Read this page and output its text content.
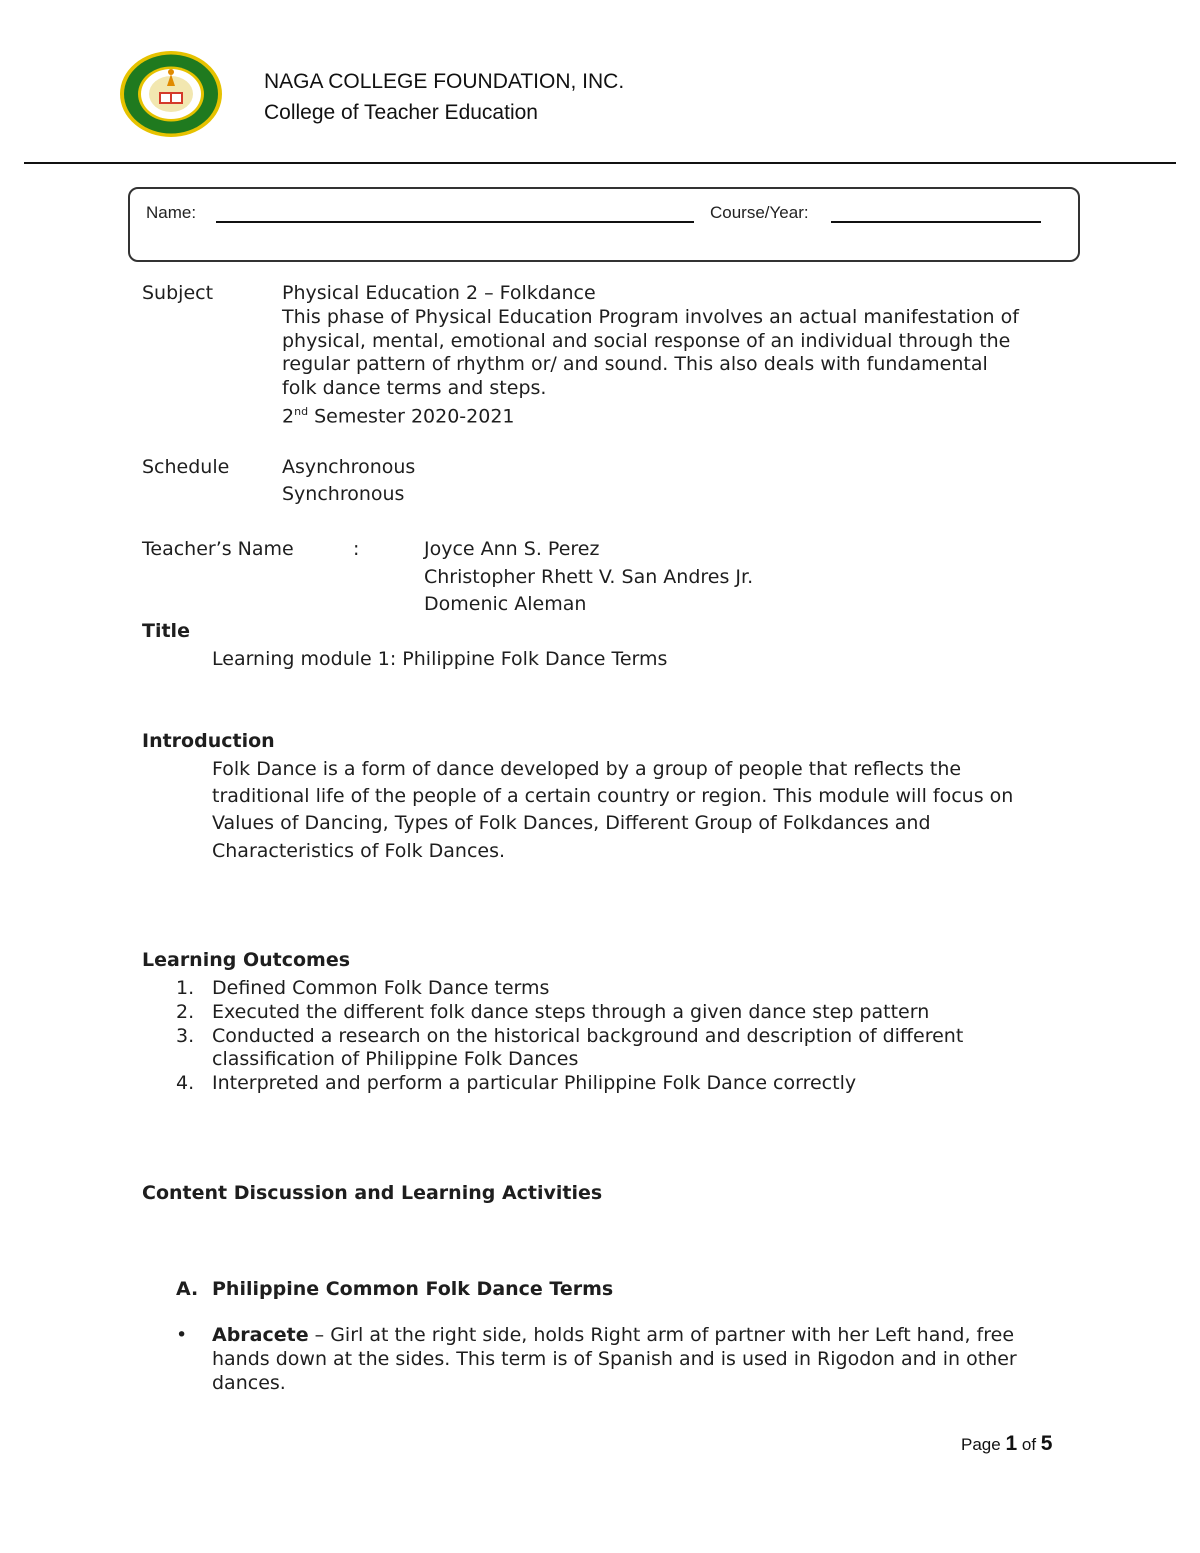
NAGA COLLEGE FOUNDATION, INC.
College of Teacher Education
Name:	Course/Year:
Subject	Physical Education 2 – Folkdance
This phase of Physical Education Program involves an actual manifestation of
physical, mental, emotional and social response of an individual through the
regular pattern of rhythm or/ and sound. This also deals with fundamental
folk dance terms and steps.
2nd Semester 2020-2021
Schedule	Asynchronous
Synchronous
Teacher’s Name	:	Joyce Ann S. Perez
Christopher Rhett V. San Andres Jr.
Domenic Aleman
Title
Learning module 1: Philippine Folk Dance Terms
Introduction
Folk Dance is a form of dance developed by a group of people that reflects the
traditional life of the people of a certain country or region. This module will focus on
Values of Dancing, Types of Folk Dances, Different Group of Folkdances and
Characteristics of Folk Dances.
Learning Outcomes
1. Defined Common Folk Dance terms
2. Executed the different folk dance steps through a given dance step pattern
3. Conducted a research on the historical background and description of different
classification of Philippine Folk Dances
4. Interpreted and perform a particular Philippine Folk Dance correctly
Content Discussion and Learning Activities
A. Philippine Common Folk Dance Terms
• Abracete – Girl at the right side, holds Right arm of partner with her Left hand, free
hands down at the sides. This term is of Spanish and is used in Rigodon and in other
dances.
Page 1 of 5
